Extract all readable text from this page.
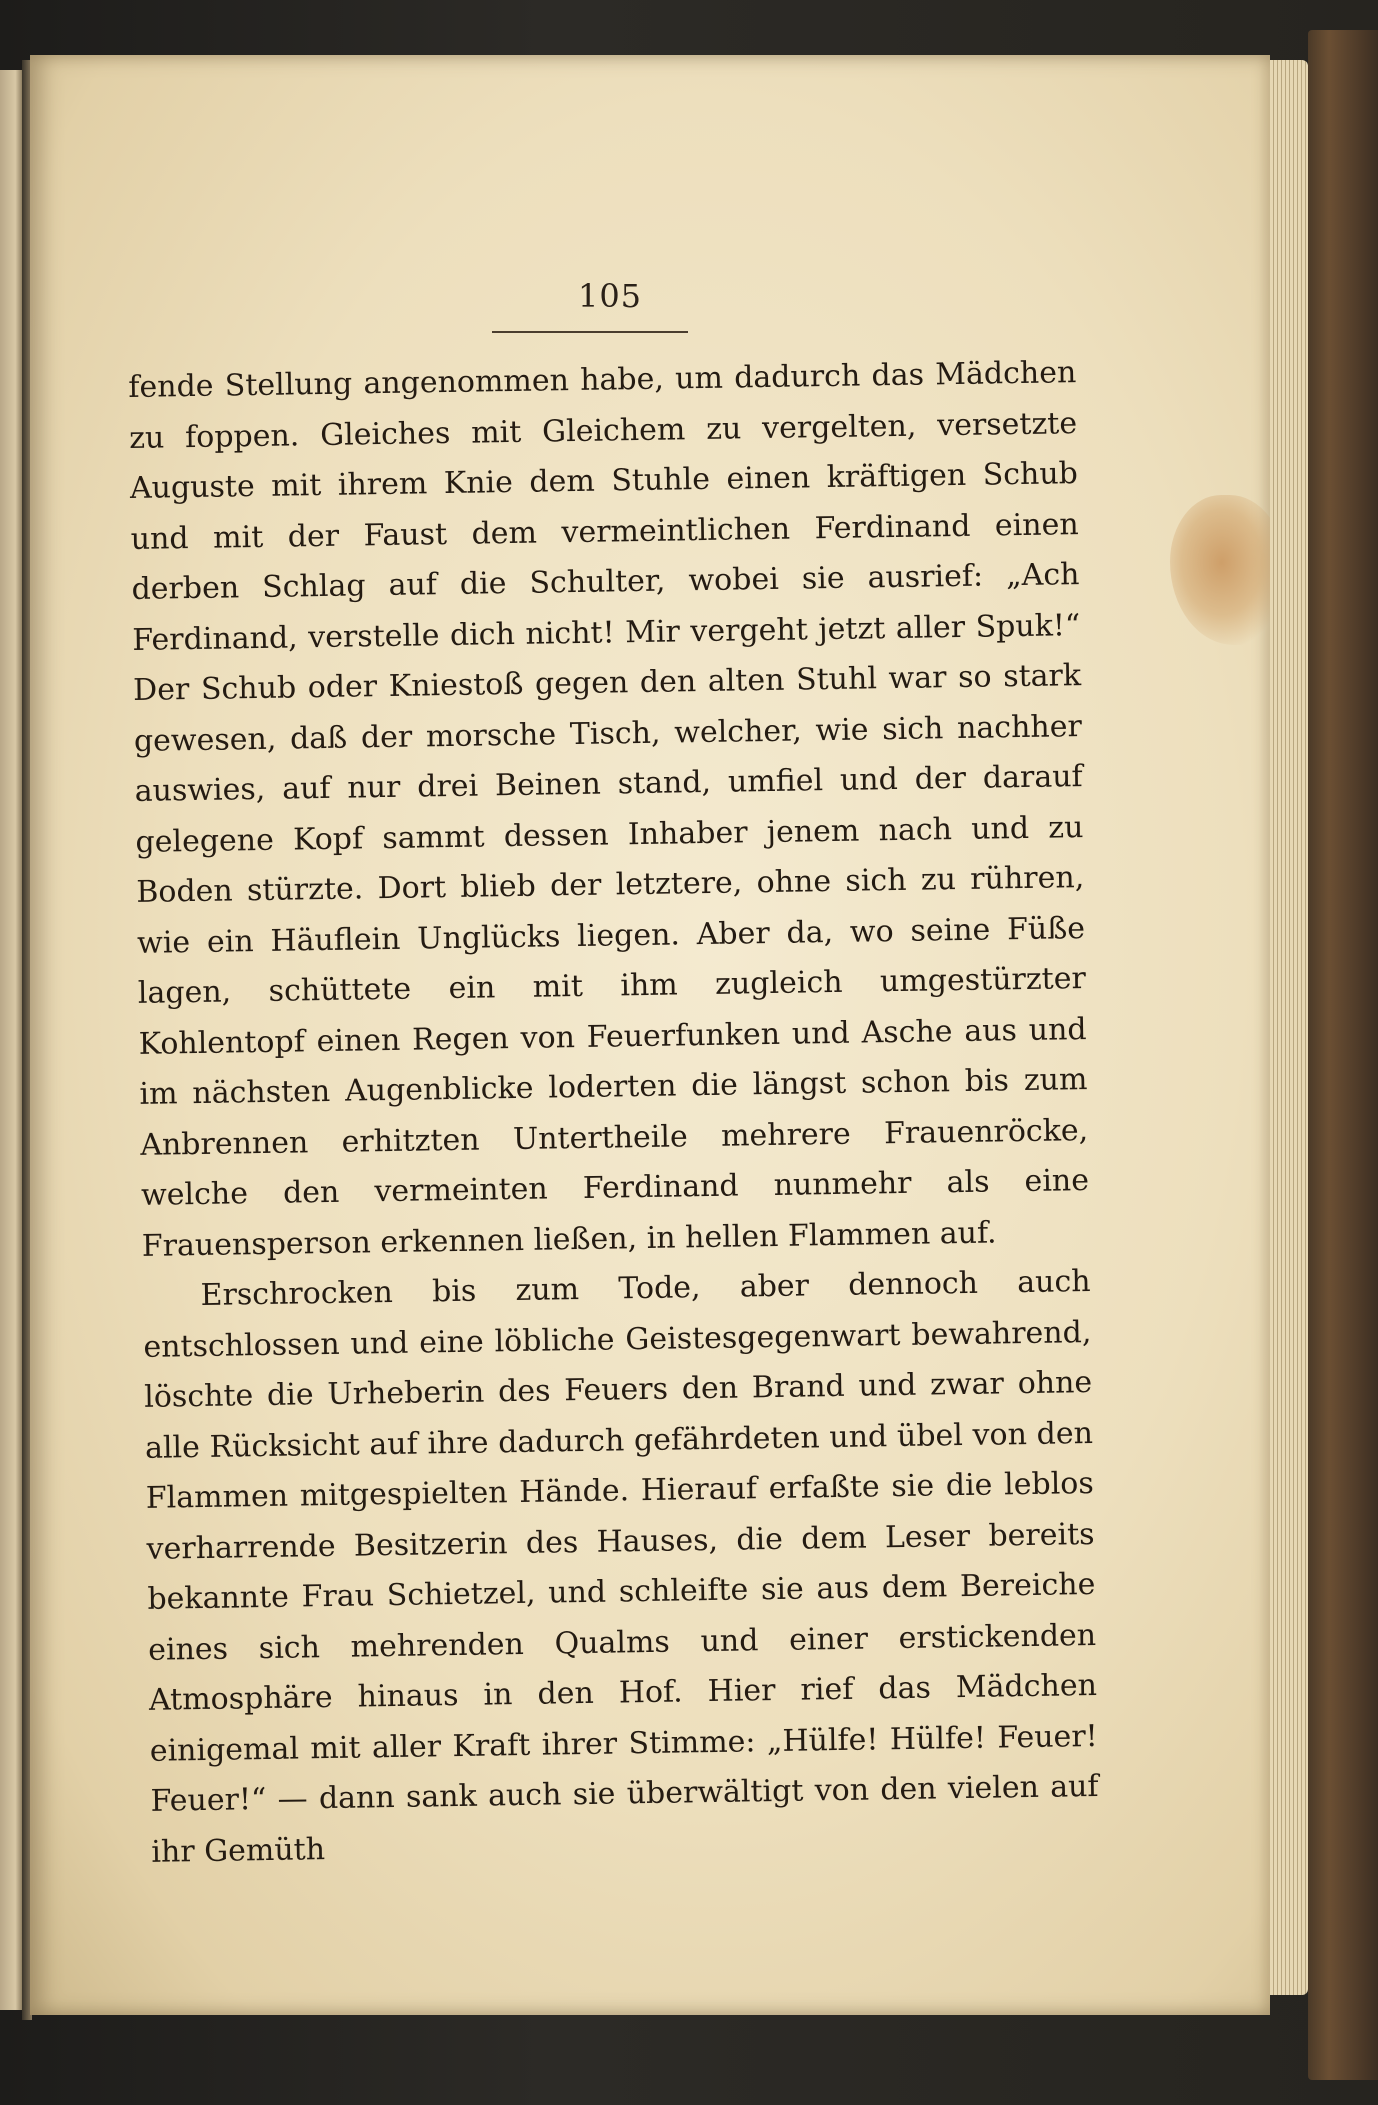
105

fende Stellung angenommen habe, um dadurch das Mädchen zu foppen. Gleiches mit Gleichem zu vergelten, versetzte Auguste mit ihrem Knie dem Stuhle einen kräftigen Schub und mit der Faust dem vermeintlichen Ferdinand einen derben Schlag auf die Schulter, wobei sie ausrief: „Ach Ferdinand, verstelle dich nicht! Mir vergeht jetzt aller Spuk!“ Der Schub oder Kniestoß gegen den alten Stuhl war so stark gewesen, daß der morsche Tisch, welcher, wie sich nachher auswies, auf nur drei Beinen stand, umfiel und der darauf gelegene Kopf sammt dessen Inhaber jenem nach und zu Boden stürzte. Dort blieb der letztere, ohne sich zu rühren, wie ein Häuflein Unglücks liegen. Aber da, wo seine Füße lagen, schüttete ein mit ihm zugleich umgestürzter Kohlentopf einen Regen von Feuerfunken und Asche aus und im nächsten Augenblicke loderten die längst schon bis zum Anbrennen erhitzten Untertheile mehrere Frauenröcke, welche den vermeinten Ferdinand nunmehr als eine Frauensperson erkennen ließen, in hellen Flammen auf.

Erschrocken bis zum Tode, aber dennoch auch entschlossen und eine löbliche Geistesgegenwart bewahrend, löschte die Urheberin des Feuers den Brand und zwar ohne alle Rücksicht auf ihre dadurch gefährdeten und übel von den Flammen mitgespielten Hände. Hierauf erfaßte sie die leblos verharrende Besitzerin des Hauses, die dem Leser bereits bekannte Frau Schietzel, und schleifte sie aus dem Bereiche eines sich mehrenden Qualms und einer erstickenden Atmosphäre hinaus in den Hof. Hier rief das Mädchen einigemal mit aller Kraft ihrer Stimme: „Hülfe! Hülfe! Feuer! Feuer!“ — dann sank auch sie überwältigt von den vielen auf ihr Gemüth
